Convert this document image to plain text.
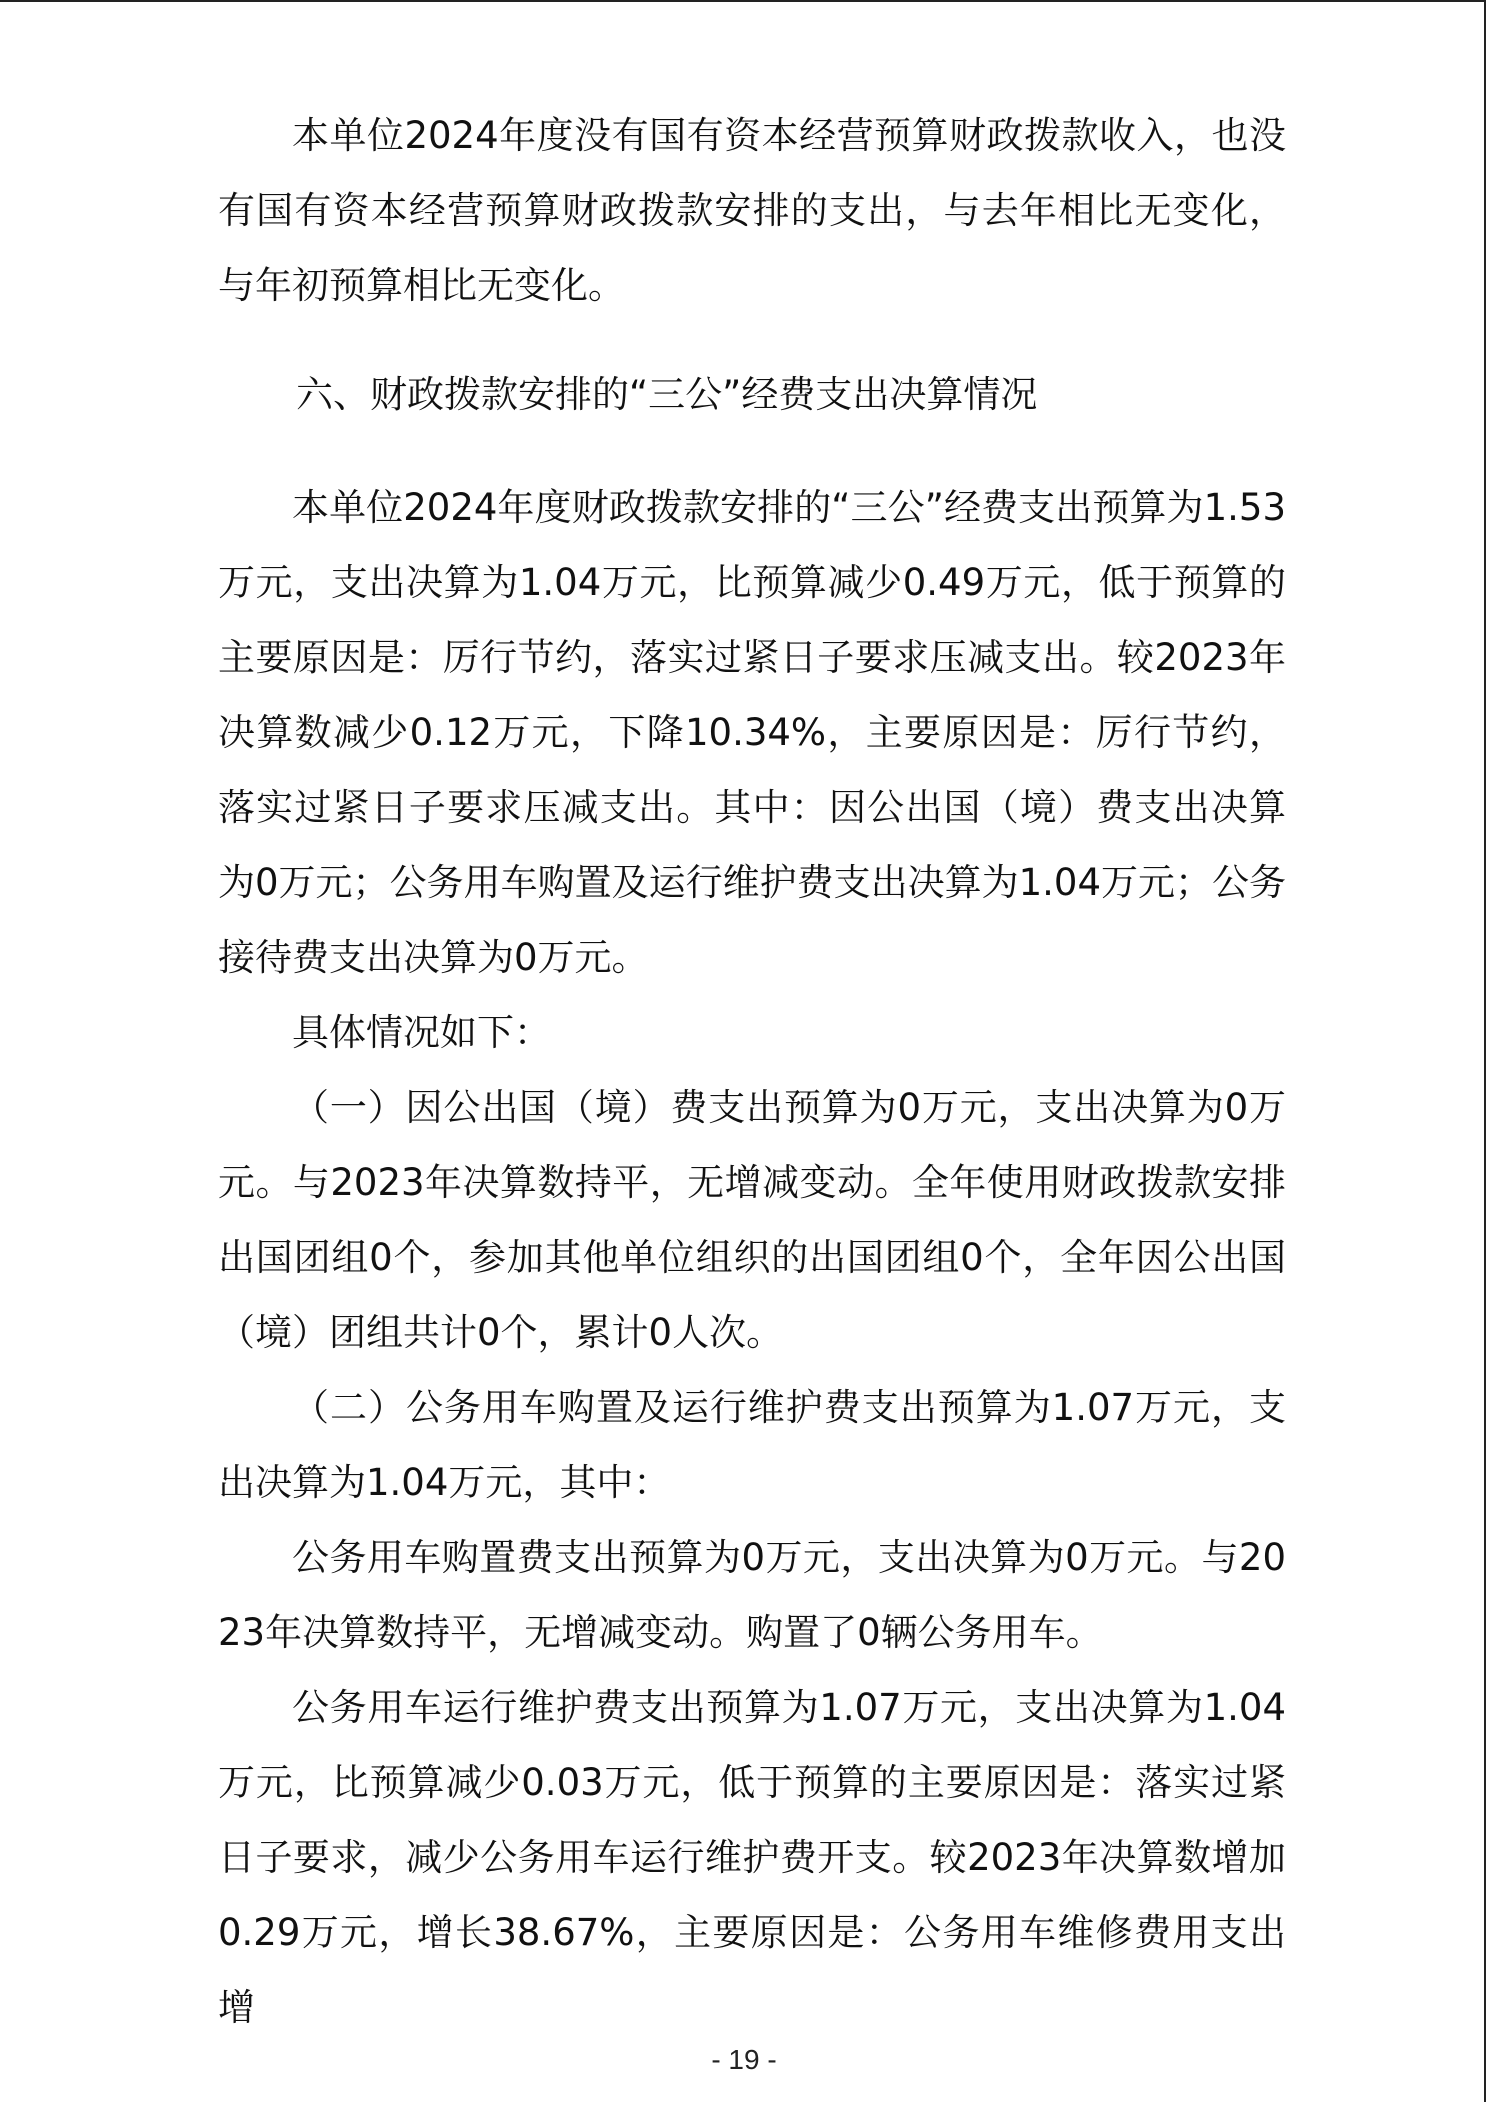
本单位2024年度没有国有资本经营预算财政拨款收入，也没有国有资本经营预算财政拨款安排的支出，与去年相比无变化，与年初预算相比无变化。

六、财政拨款安排的“三公”经费支出决算情况

本单位2024年度财政拨款安排的“三公”经费支出预算为1.53万元，支出决算为1.04万元，比预算减少0.49万元，低于预算的主要原因是：厉行节约，落实过紧日子要求压减支出。较2023年决算数减少0.12万元，下降10.34%，主要原因是：厉行节约，落实过紧日子要求压减支出。其中：因公出国（境）费支出决算为0万元；公务用车购置及运行维护费支出决算为1.04万元；公务接待费支出决算为0万元。

具体情况如下：

（一）因公出国（境）费支出预算为0万元，支出决算为0万元。与2023年决算数持平，无增减变动。全年使用财政拨款安排出国团组0个，参加其他单位组织的出国团组0个，全年因公出国（境）团组共计0个，累计0人次。

（二）公务用车购置及运行维护费支出预算为1.07万元，支出决算为1.04万元，其中：

公务用车购置费支出预算为0万元，支出决算为0万元。与2023年决算数持平，无增减变动。购置了0辆公务用车。

公务用车运行维护费支出预算为1.07万元，支出决算为1.04万元，比预算减少0.03万元，低于预算的主要原因是：落实过紧日子要求，减少公务用车运行维护费开支。较2023年决算数增加0.29万元，增长38.67%，主要原因是：公务用车维修费用支出增

- 19 -
